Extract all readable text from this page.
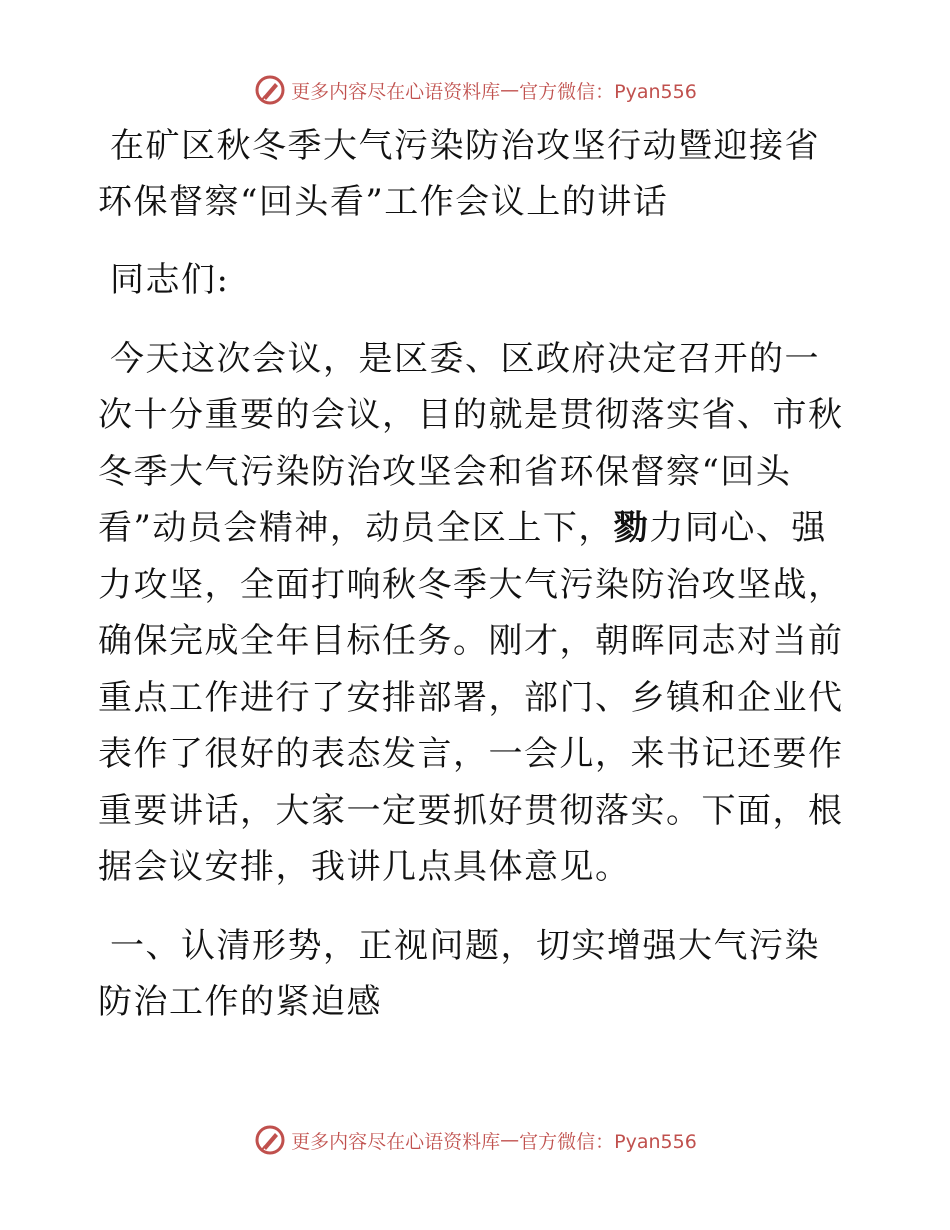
更多内容尽在心语资料库 — 官方微信：Pyan556

在矿区秋冬季大气污染防治攻坚行动暨迎接省环保督察“回头看”工作会议上的讲话

同志们:

今天这次会议，是区委、区政府决定召开的一次十分重要的会议，目的就是贯彻落实省、市秋冬季大气污染防治攻坚会和省环保督察“回头看”动员会精神，动员全区上下，勠力同心、强力攻坚，全面打响秋冬季大气污染防治攻坚战，确保完成全年目标任务。刚才，朝晖同志对当前重点工作进行了安排部署，部门、乡镇和企业代表作了很好的表态发言，一会儿，来书记还要作重要讲话，大家一定要抓好贯彻落实。下面，根据会议安排，我讲几点具体意见。

一、认清形势，正视问题，切实增强大气污染防治工作的紧迫感

更多内容尽在心语资料库 — 官方微信：Pyan556
